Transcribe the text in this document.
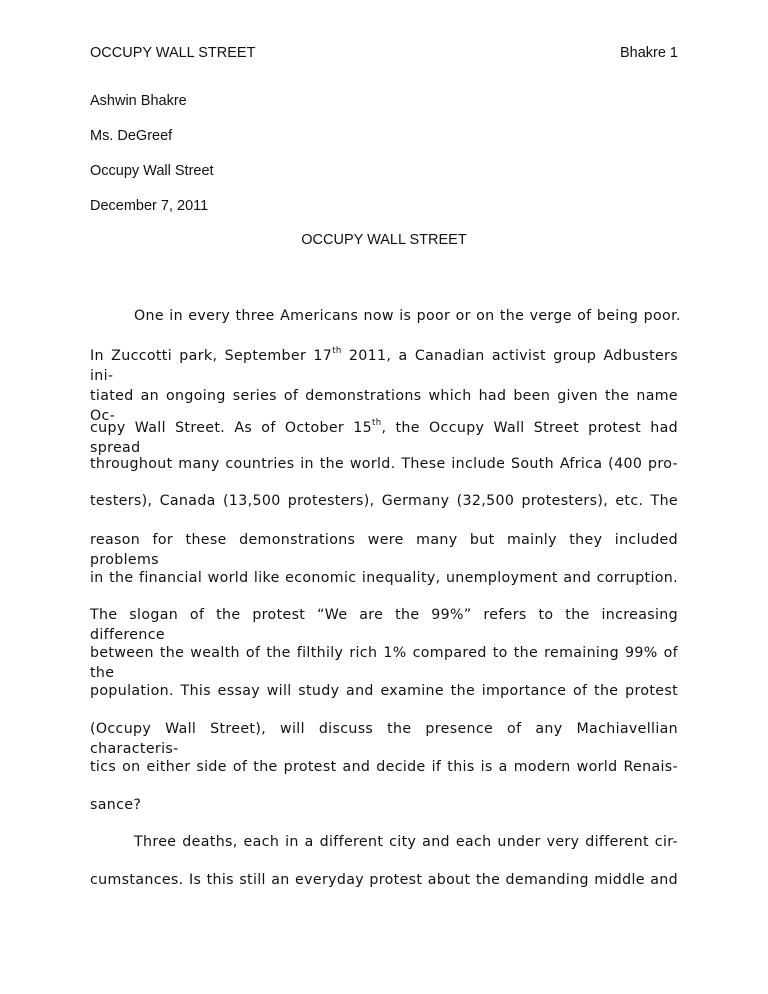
OCCUPY WALL STREET	Bhakre 1
Ashwin Bhakre
Ms. DeGreef
Occupy Wall Street
December 7, 2011
OCCUPY WALL STREET
One in every three Americans now is poor or on the verge of being poor.
In Zuccotti park, September 17th 2011, a Canadian activist group Adbusters ini-
tiated an ongoing series of demonstrations which had been given the name Oc-
cupy Wall Street. As of October 15th, the Occupy Wall Street protest had spread
throughout many countries in the world. These include South Africa (400 pro-
testers), Canada (13,500 protesters), Germany (32,500 protesters), etc. The
reason for these demonstrations were many but mainly they included problems
in the financial world like economic inequality, unemployment and corruption.
The slogan of the protest “We are the 99%” refers to the increasing difference
between the wealth of the filthily rich 1% compared to the remaining 99% of the
population. This essay will study and examine the importance of the protest
(Occupy Wall Street), will discuss the presence of any Machiavellian characteris-
tics on either side of the protest and decide if this is a modern world Renais-
sance?
Three deaths, each in a different city and each under very different cir-
cumstances. Is this still an everyday protest about the demanding middle and
